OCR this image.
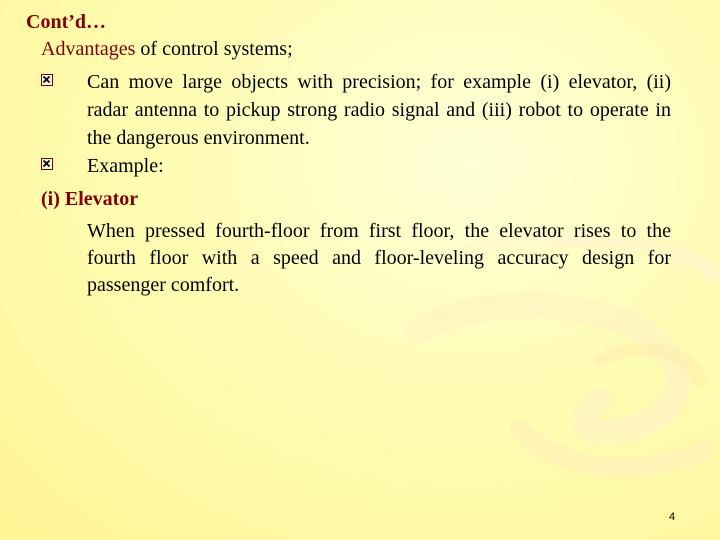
Cont’d…
Advantages of control systems;
Can move large objects with precision; for example (i) elevator, (ii) radar antenna to pickup strong radio signal and (iii) robot to operate in the dangerous environment.
Example:
(i) Elevator
When pressed fourth-floor from first floor, the elevator rises to the fourth floor with a speed and floor-leveling accuracy design for passenger comfort.
4
